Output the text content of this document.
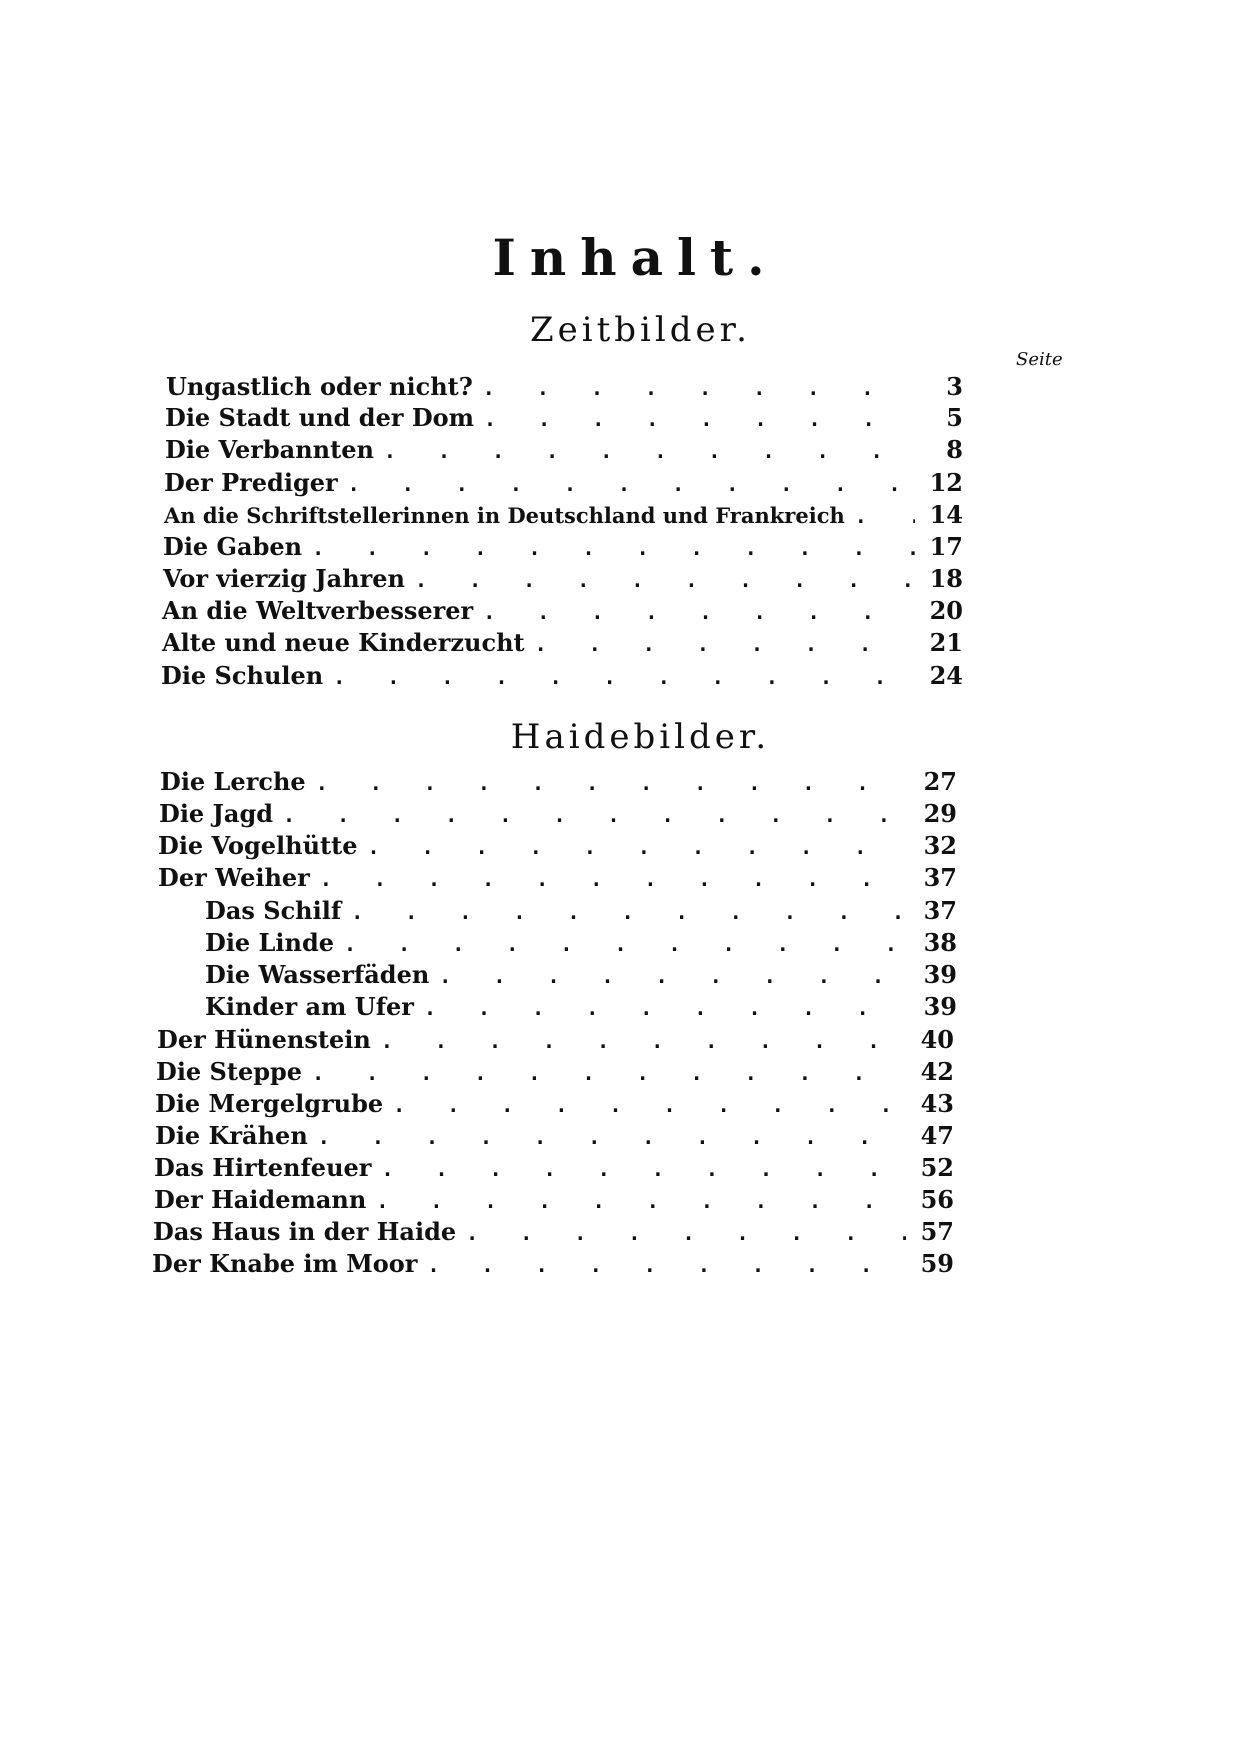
Inhalt.
Zeitbilder.
Seite
Ungastlich oder nicht? . . .	3
Die Stadt und der Dom . . .	5
Die Verbannten . . .	8
Der Prediger . . .	12
An die Schriftstellerinnen in Deutschland und Frankreich . . .	14
Die Gaben . . .	17
Vor vierzig Jahren . . .	18
An die Weltverbesserer . . .	20
Alte und neue Kinderzucht . . .	21
Die Schulen . . .	24
Haidebilder.
Die Lerche . . .	27
Die Jagd . . .	29
Die Vogelhütte . . .	32
Der Weiher . . .	37
Das Schilf . . .	37
Die Linde . . .	38
Die Wasserfäden . . .	39
Kinder am Ufer . . .	39
Der Hünenstein . . .	40
Die Steppe . . .	42
Die Mergelgrube . . .	43
Die Krähen . . .	47
Das Hirtenfeuer . . .	52
Der Haidemann . . .	56
Das Haus in der Haide . . .	57
Der Knabe im Moor . . .	59
